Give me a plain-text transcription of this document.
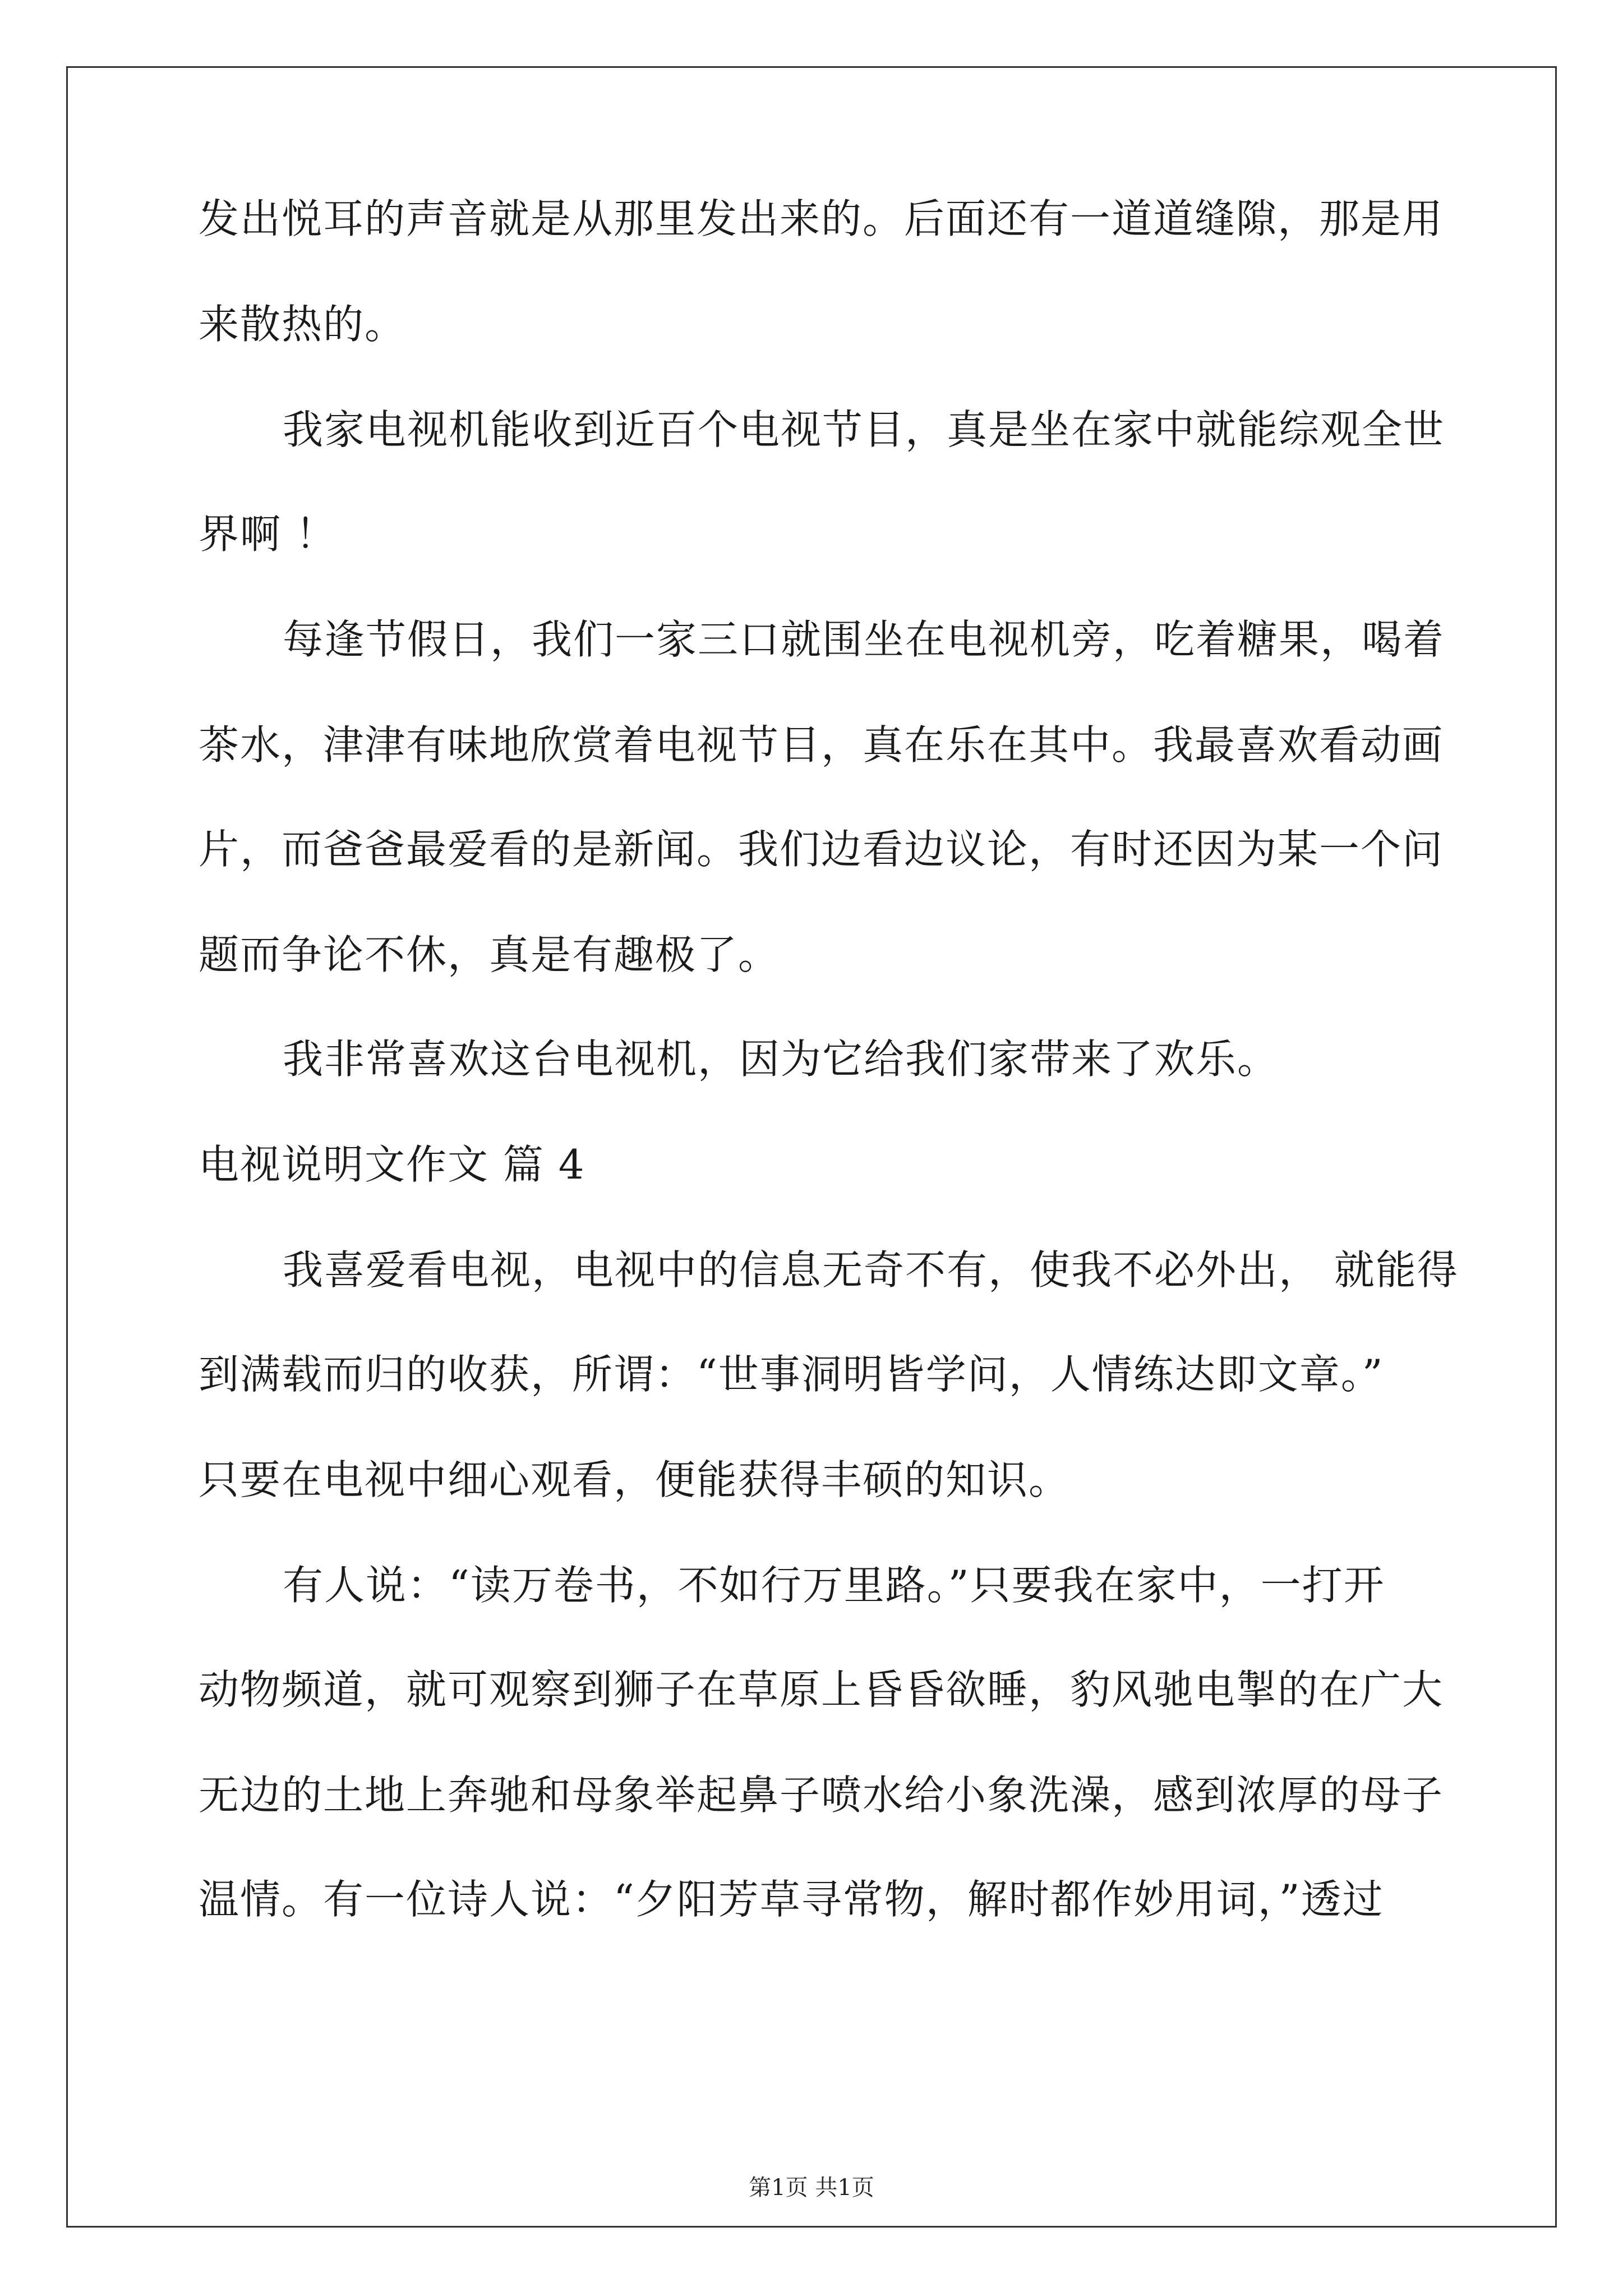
发出悦耳的声音就是从那里发出来的。后面还有一道道缝隙，那是用
来散热的。
我家电视机能收到近百个电视节目，真是坐在家中就能综观全世
界啊 ！
每逢节假日，我们一家三口就围坐在电视机旁，吃着糖果，喝着
茶水，津津有味地欣赏着电视节目，真在乐在其中。我最喜欢看动画
片，而爸爸最爱看的是新闻。我们边看边议论，有时还因为某一个问
题而争论不休，真是有趣极了。
我非常喜欢这台电视机，因为它给我们家带来了欢乐。
电视说明文作文 篇 4
我喜爱看电视，电视中的信息无奇不有，使我不必外出， 就能得
到满载而归的收获，所谓：“世事洞明皆学问，人情练达即文章。”
只要在电视中细心观看，便能获得丰硕的知识。
有人说：“读万卷书，不如行万里路。”只要我在家中，一打开
动物频道，就可观察到狮子在草原上昏昏欲睡，豹风驰电掣的在广大
无边的土地上奔驰和母象举起鼻子喷水给小象洗澡，感到浓厚的母子
温情。有一位诗人说：“夕阳芳草寻常物，解时都作妙用词，”透过
第1页 共1页
